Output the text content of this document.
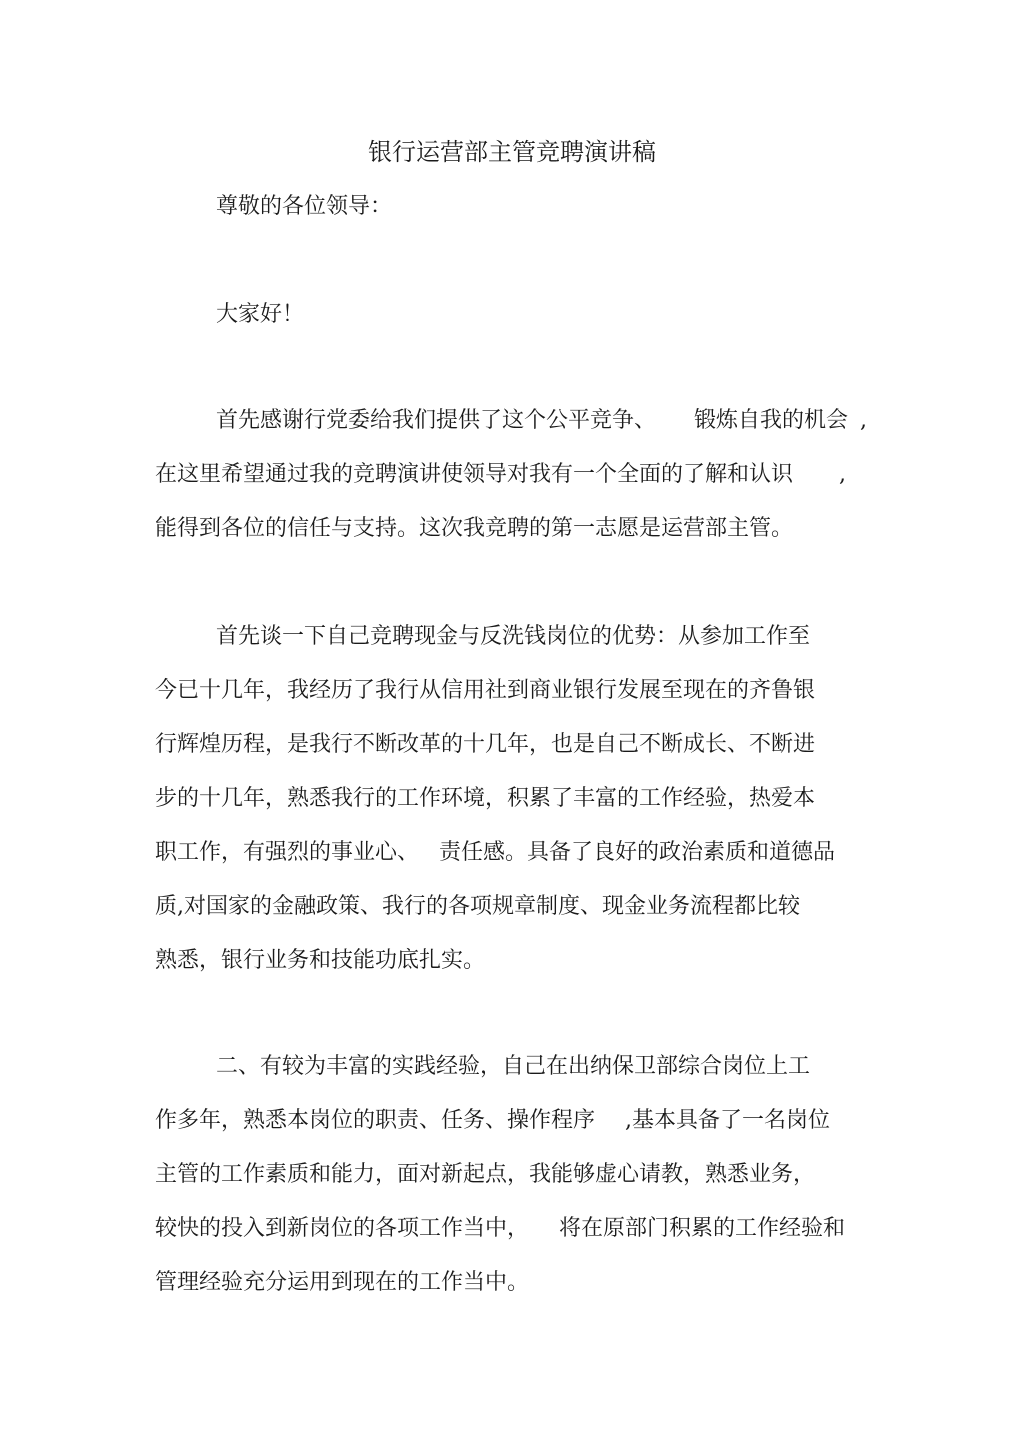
银行运营部主管竞聘演讲稿
尊敬的各位领导：
大家好！
首先感谢行党委给我们提供了这个公平竞争、 锻炼自我的机会 ,
在这里希望通过我的竞聘演讲使领导对我有一个全面的了解和认识 ,
能得到各位的信任与支持。这次我竞聘的第一志愿是运营部主管。
首先谈一下自己竞聘现金与反洗钱岗位的优势：从参加工作至
今已十几年，我经历了我行从信用社到商业银行发展至现在的齐鲁银
行辉煌历程，是我行不断改革的十几年，也是自己不断成长、不断进
步的十几年，熟悉我行的工作环境，积累了丰富的工作经验，热爱本
职工作，有强烈的事业心、 责任感。具备了良好的政治素质和道德品
质,对国家的金融政策、我行的各项规章制度、现金业务流程都比较
熟悉，银行业务和技能功底扎实。
二、有较为丰富的实践经验，自己在出纳保卫部综合岗位上工
作多年，熟悉本岗位的职责、任务、操作程序 ,基本具备了一名岗位
主管的工作素质和能力，面对新起点，我能够虚心请教，熟悉业务，
较快的投入到新岗位的各项工作当中， 将在原部门积累的工作经验和
管理经验充分运用到现在的工作当中。
